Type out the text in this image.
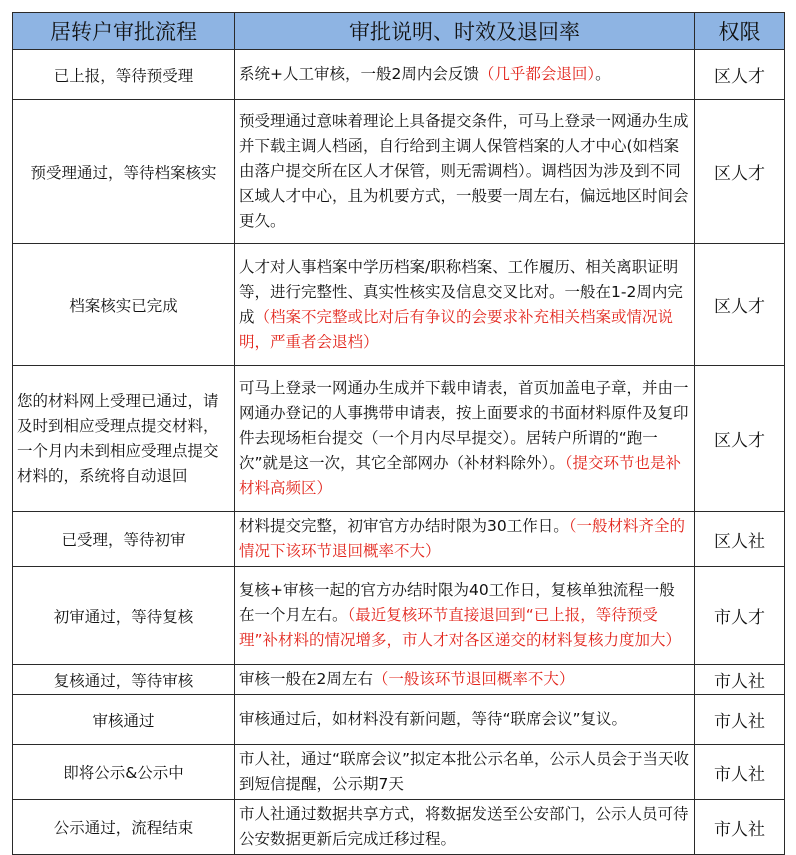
居转户审批流程	审批说明、时效及退回率	权限
已上报，等待预受理	系统+人工审核，一般2周内会反馈（几乎都会退回）。	区人才
预受理通过，等待档案核实	预受理通过意味着理论上具备提交条件，可马上登录一网通办生成并下载主调人档函，自行给到主调人保管档案的人才中心(如档案由落户提交所在区人才保管，则无需调档）。调档因为涉及到不同区域人才中心，且为机要方式，一般要一周左右，偏远地区时间会更久。	区人才
档案核实已完成	人才对人事档案中学历档案/职称档案、工作履历、相关离职证明等，进行完整性、真实性核实及信息交叉比对。一般在1-2周内完成（档案不完整或比对后有争议的会要求补充相关档案或情况说明，严重者会退档）	区人才
您的材料网上受理已通过，请及时到相应受理点提交材料，一个月内未到相应受理点提交材料的，系统将自动退回	可马上登录一网通办生成并下载申请表，首页加盖电子章，并由一网通办登记的人事携带申请表，按上面要求的书面材料原件及复印件去现场柜台提交（一个月内尽早提交）。居转户所谓的“跑一次”就是这一次，其它全部网办（补材料除外）。（提交环节也是补材料高频区）	区人才
已受理，等待初审	材料提交完整，初审官方办结时限为30工作日。（一般材料齐全的情况下该环节退回概率不大）	区人社
初审通过，等待复核	复核+审核一起的官方办结时限为40工作日，复核单独流程一般在一个月左右。（最近复核环节直接退回到“已上报，等待预受理”补材料的情况增多，市人才对各区递交的材料复核力度加大）	市人才
复核通过，等待审核	审核一般在2周左右（一般该环节退回概率不大）	市人社
审核通过	审核通过后，如材料没有新问题，等待“联席会议”复议。	市人社
即将公示&公示中	市人社，通过“联席会议”拟定本批公示名单，公示人员会于当天收到短信提醒，公示期7天	市人社
公示通过，流程结束	市人社通过数据共享方式，将数据发送至公安部门，公示人员可待公安数据更新后完成迁移过程。	市人社
